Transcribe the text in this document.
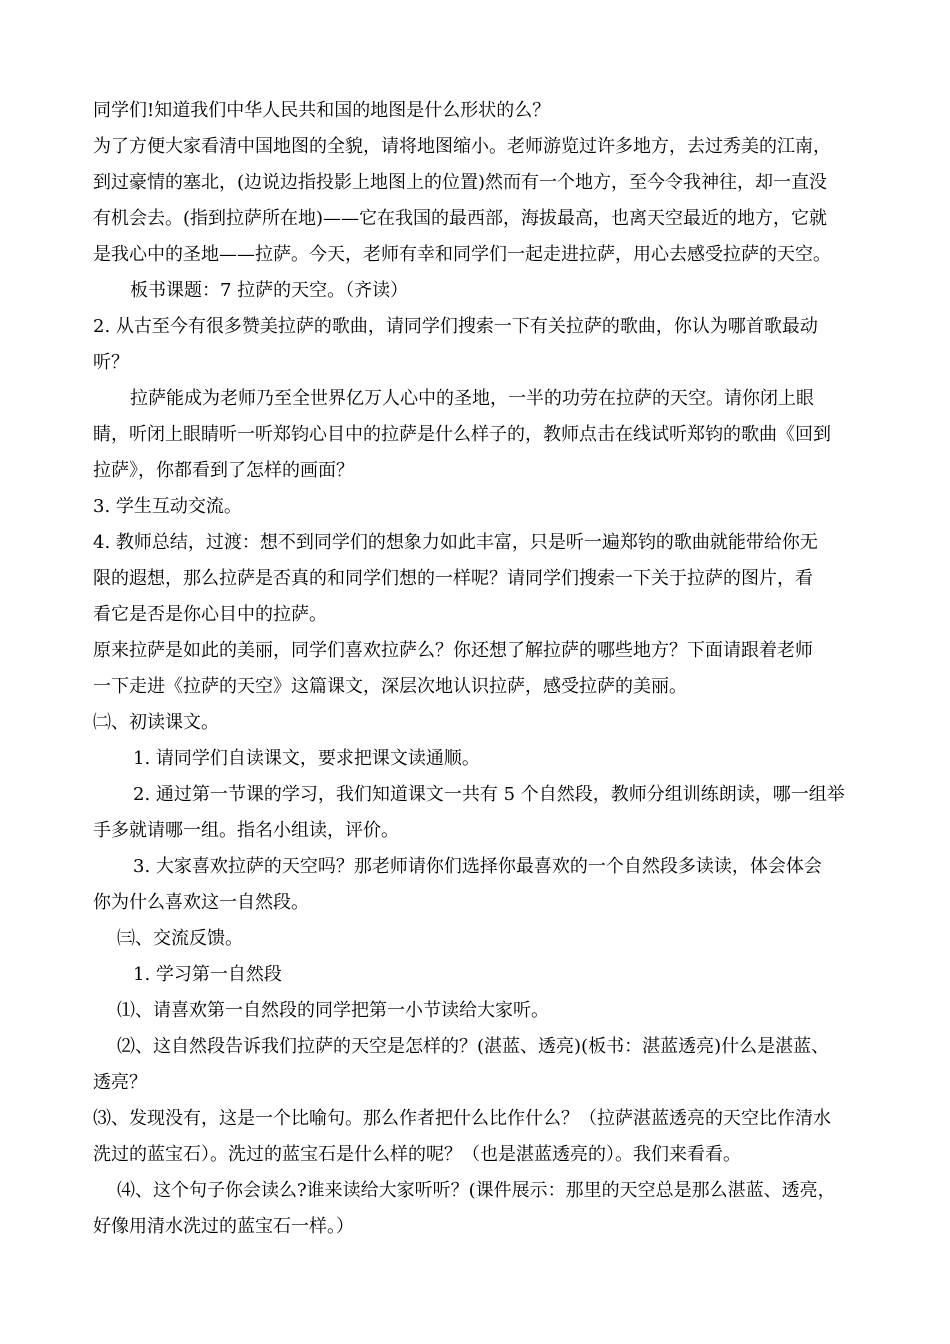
同学们!知道我们中华人民共和国的地图是什么形状的么？
为了方便大家看清中国地图的全貌，请将地图缩小。老师游览过许多地方，去过秀美的江南，
到过豪情的塞北，(边说边指投影上地图上的位置)然而有一个地方，至今令我神往，却一直没
有机会去。(指到拉萨所在地)——它在我国的最西部，海拔最高，也离天空最近的地方，它就
是我心中的圣地——拉萨。今天，老师有幸和同学们一起走进拉萨，用心去感受拉萨的天空。
板书课题：7 拉萨的天空。（齐读）
2. 从古至今有很多赞美拉萨的歌曲，请同学们搜索一下有关拉萨的歌曲，你认为哪首歌最动
听？
拉萨能成为老师乃至全世界亿万人心中的圣地，一半的功劳在拉萨的天空。请你闭上眼
睛，听闭上眼睛听一听郑钧心目中的拉萨是什么样子的，教师点击在线试听郑钧的歌曲《回到
拉萨》，你都看到了怎样的画面？
3. 学生互动交流。
4. 教师总结，过渡：想不到同学们的想象力如此丰富，只是听一遍郑钧的歌曲就能带给你无
限的遐想，那么拉萨是否真的和同学们想的一样呢？请同学们搜索一下关于拉萨的图片，看
看它是否是你心目中的拉萨。
原来拉萨是如此的美丽，同学们喜欢拉萨么？你还想了解拉萨的哪些地方？下面请跟着老师
一下走进《拉萨的天空》这篇课文，深层次地认识拉萨，感受拉萨的美丽。
㈡、初读课文。
1. 请同学们自读课文，要求把课文读通顺。
2. 通过第一节课的学习，我们知道课文一共有 5 个自然段，教师分组训练朗读，哪一组举
手多就请哪一组。指名小组读，评价。
3. 大家喜欢拉萨的天空吗？那老师请你们选择你最喜欢的一个自然段多读读，体会体会
你为什么喜欢这一自然段。
㈢、交流反馈。
1. 学习第一自然段
⑴、请喜欢第一自然段的同学把第一小节读给大家听。
⑵、这自然段告诉我们拉萨的天空是怎样的？(湛蓝、透亮)(板书：湛蓝透亮)什么是湛蓝、
透亮？
⑶、发现没有，这是一个比喻句。那么作者把什么比作什么？（拉萨湛蓝透亮的天空比作清水
洗过的蓝宝石）。洗过的蓝宝石是什么样的呢？（也是湛蓝透亮的）。我们来看看。
⑷、这个句子你会读么?谁来读给大家听听？(课件展示：那里的天空总是那么湛蓝、透亮，
好像用清水洗过的蓝宝石一样。）
